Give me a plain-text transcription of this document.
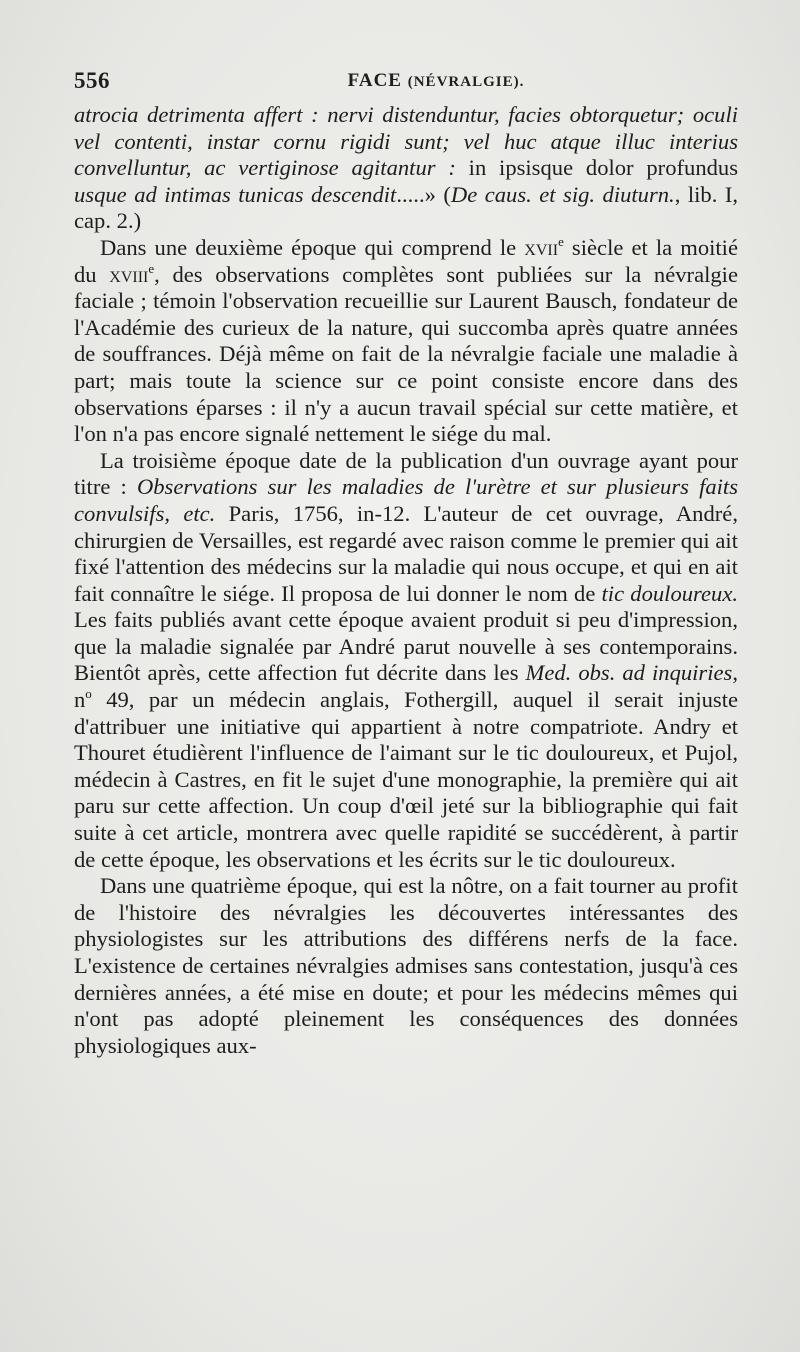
556	FACE (NÉVRALGIE).

atrocia detrimenta affert : nervi distenduntur, facies obtorquetur; oculi vel contenti, instar cornu rigidi sunt; vel huc atque illuc interius convelluntur, ac vertiginose agitantur : in ipsisque dolor profundus usque ad intimas tunicas descendit.....» (De caus. et sig. diuturn., lib. I, cap. 2.)

Dans une deuxième époque qui comprend le xvii$^e$ siècle et la moitié du xviii$^e$, des observations complètes sont publiées sur la névralgie faciale ; témoin l'observation recueillie sur Laurent Bausch, fondateur de l'Académie des curieux de la nature, qui succomba après quatre années de souffrances. Déjà même on fait de la névralgie faciale une maladie à part; mais toute la science sur ce point consiste encore dans des observations éparses : il n'y a aucun travail spécial sur cette matière, et l'on n'a pas encore signalé nettement le siége du mal.

La troisième époque date de la publication d'un ouvrage ayant pour titre : Observations sur les maladies de l'urètre et sur plusieurs faits convulsifs, etc. Paris, 1756, in-12. L'auteur de cet ouvrage, André, chirurgien de Versailles, est regardé avec raison comme le premier qui ait fixé l'attention des médecins sur la maladie qui nous occupe, et qui en ait fait connaître le siége. Il proposa de lui donner le nom de tic douloureux. Les faits publiés avant cette époque avaient produit si peu d'impression, que la maladie signalée par André parut nouvelle à ses contemporains. Bientôt après, cette affection fut décrite dans les Med. obs. ad inquiries, $n^o$ 49, par un médecin anglais, Fothergill, auquel il serait injuste d'attribuer une initiative qui appartient à notre compatriote. Andry et Thouret étudièrent l'influence de l'aimant sur le tic douloureux, et Pujol, médecin à Castres, en fit le sujet d'une monographie, la première qui ait paru sur cette affection. Un coup d'œil jeté sur la bibliographie qui fait suite à cet article, montrera avec quelle rapidité se succédèrent, à partir de cette époque, les observations et les écrits sur le tic douloureux.

Dans une quatrième époque, qui est la nôtre, on a fait tourner au profit de l'histoire des névralgies les découvertes intéressantes des physiologistes sur les attributions des différens nerfs de la face. L'existence de certaines névralgies admises sans contestation, jusqu'à ces dernières années, a été mise en doute; et pour les médecins mêmes qui n'ont pas adopté pleinement les conséquences des données physiologiques aux-
